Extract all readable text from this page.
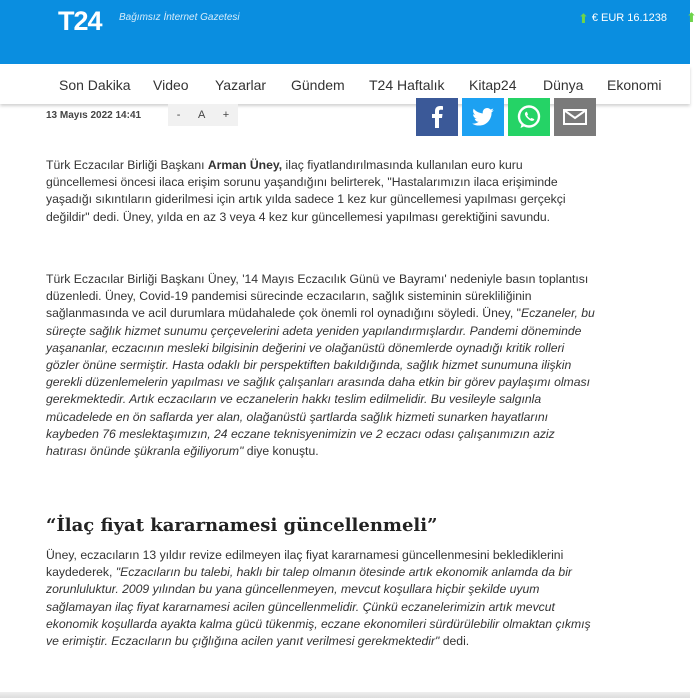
T24 Bağımsız İnternet Gazetesi	⬆ € EUR 16.1238 ⬆
Son Dakika Video Yazarlar Gündem T24 Haftalık Kitap24 Dünya Ekonomi
13 Mayıs 2022 14:41	- A +

Türk Eczacılar Birliği Başkanı Arman Üney, ilaç fiyatlandırılmasında kullanılan euro kuru güncellemesi öncesi ilaca erişim sorunu yaşandığını belirterek, "Hastalarımızın ilaca erişiminde yaşadığı sıkıntıların giderilmesi için artık yılda sadece 1 kez kur güncellemesi yapılması gerçekçi değildir" dedi. Üney, yılda en az 3 veya 4 kez kur güncellemesi yapılması gerektiğini savundu.

Türk Eczacılar Birliği Başkanı Üney, '14 Mayıs Eczacılık Günü ve Bayramı' nedeniyle basın toplantısı düzenledi. Üney, Covid-19 pandemisi sürecinde eczacıların, sağlık sisteminin sürekliliğinin sağlanmasında ve acil durumlara müdahalede çok önemli rol oynadığını söyledi. Üney, "Eczaneler, bu süreçte sağlık hizmet sunumu çerçevelerini adeta yeniden yapılandırmışlardır. Pandemi döneminde yaşananlar, eczacının mesleki bilgisinin değerini ve olağanüstü dönemlerde oynadığı kritik rolleri gözler önüne sermiştir. Hasta odaklı bir perspektiften bakıldığında, sağlık hizmet sunumuna ilişkin gerekli düzenlemelerin yapılması ve sağlık çalışanları arasında daha etkin bir görev paylaşımı olması gerekmektedir. Artık eczacıların ve eczanelerin hakkı teslim edilmelidir. Bu vesileyle salgınla mücadelede en ön saflarda yer alan, olağanüstü şartlarda sağlık hizmeti sunarken hayatlarını kaybeden 76 meslektaşımızın, 24 eczane teknisyenimizin ve 2 eczacı odası çalışanımızın aziz hatırası önünde şükranla eğiliyorum" diye konuştu.

“İlaç fiyat kararnamesi güncellenmeli”

Üney, eczacıların 13 yıldır revize edilmeyen ilaç fiyat kararnamesi güncellenmesini beklediklerini kaydederek, "Eczacıların bu talebi, haklı bir talep olmanın ötesinde artık ekonomik anlamda da bir zorunluluktur. 2009 yılından bu yana güncellenmeyen, mevcut koşullara hiçbir şekilde uyum sağlamayan ilaç fiyat kararnamesi acilen güncellenmelidir. Çünkü eczanelerimizin artık mevcut ekonomik koşullarda ayakta kalma gücü tükenmiş, eczane ekonomileri sürdürülebilir olmaktan çıkmış ve erimiştir. Eczacıların bu çığlığına acilen yanıt verilmesi gerekmektedir" dedi.
